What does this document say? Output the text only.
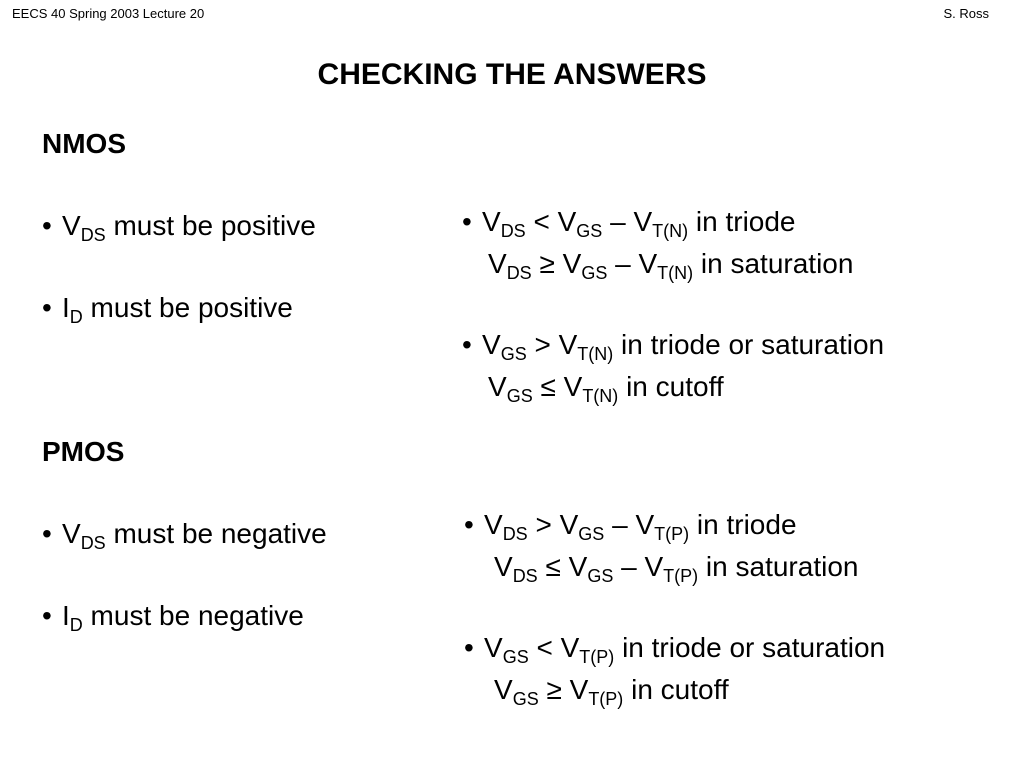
EECS 40 Spring 2003 Lecture 20	S. Ross
CHECKING THE ANSWERS
NMOS
• $V_{DS}$ must be positive
• $I_D$ must be positive
• $V_{DS} < V_{GS} - V_{T(N)}$ in triode
$V_{DS} \ge V_{GS} - V_{T(N)}$ in saturation
• $V_{GS} > V_{T(N)}$ in triode or saturation
$V_{GS} \le V_{T(N)}$ in cutoff
PMOS
• $V_{DS}$ must be negative
• $I_D$ must be negative
• $V_{DS} > V_{GS} - V_{T(P)}$ in triode
$V_{DS} \le V_{GS} - V_{T(P)}$ in saturation
• $V_{GS} < V_{T(P)}$ in triode or saturation
$V_{GS} \ge V_{T(P)}$ in cutoff
